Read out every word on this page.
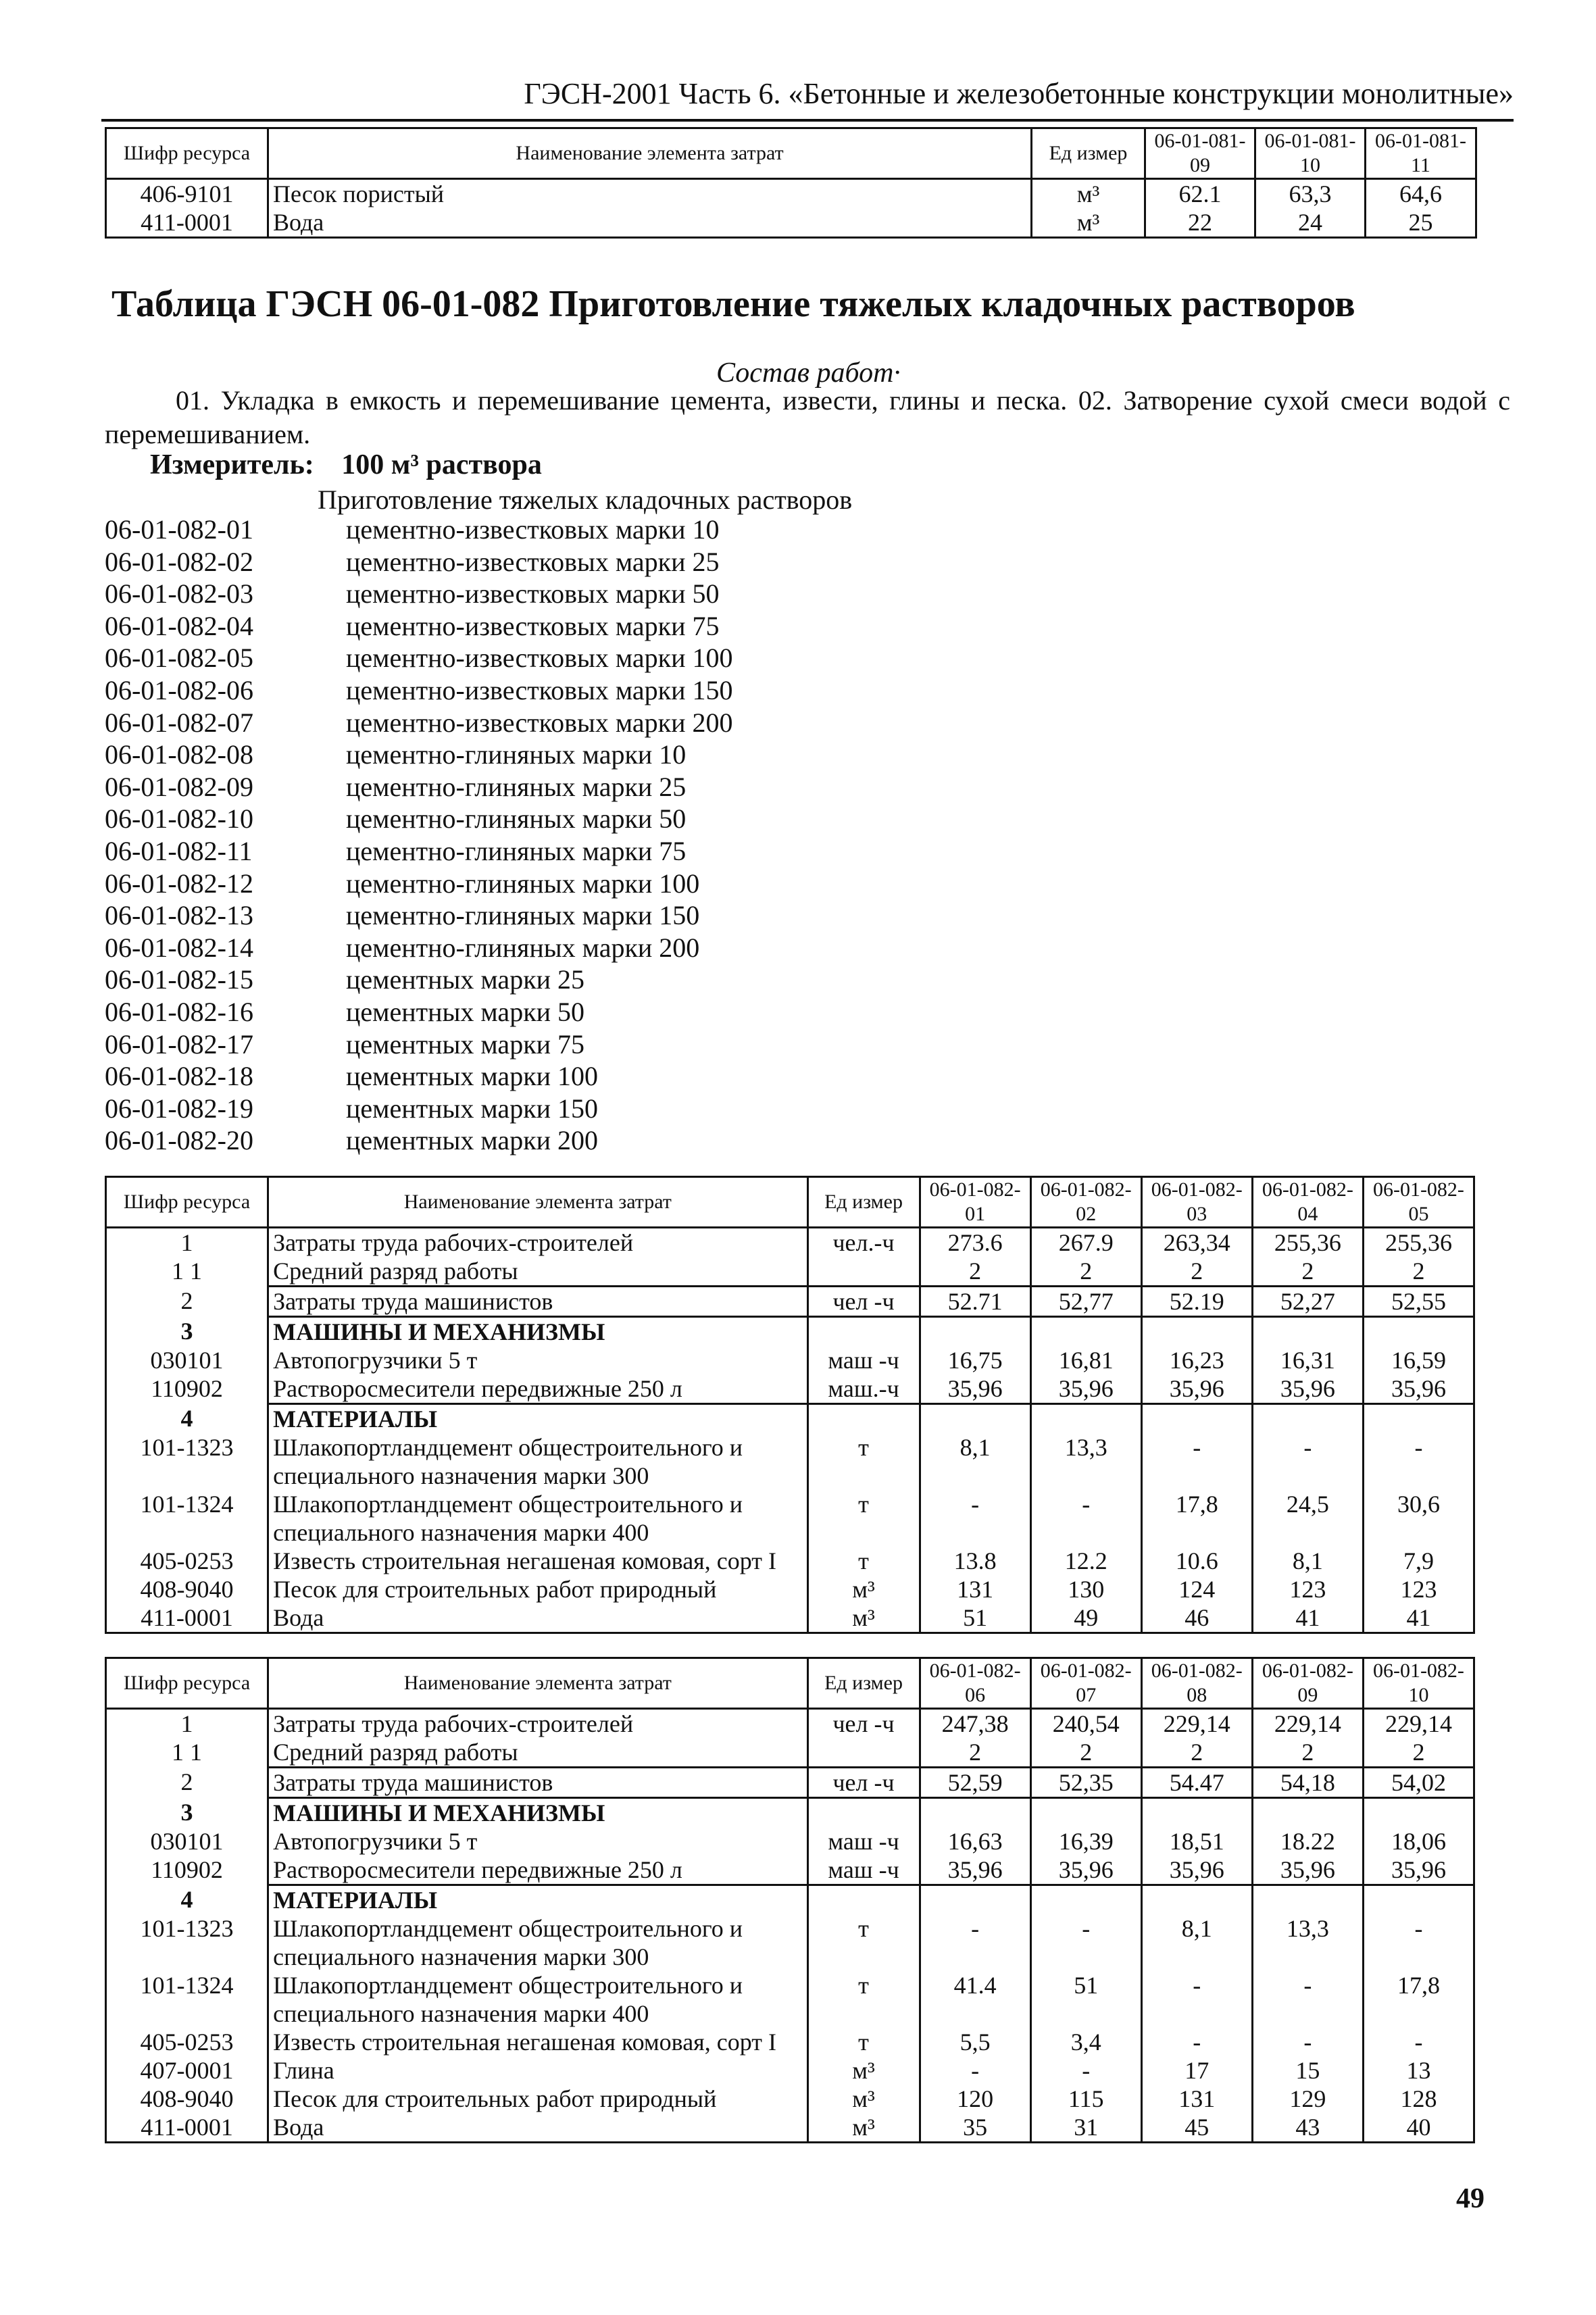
ГЭСН-2001 Часть 6. «Бетонные и железобетонные конструкции монолитные»
Шифр ресурса	Наименование элемента затрат	Ед измер	06-01-081-09	06-01-081-10	06-01-081-11
406-9101	Песок пористый	м³	62.1	63,3	64,6
411-0001	Вода	м³	22	24	25
Таблица ГЭСН 06-01-082 Приготовление тяжелых кладочных растворов
Состав работ·
01. Укладка в емкость и перемешивание цемента, извести, глины и песка. 02. Затворение сухой смеси водой с перемешиванием.
Измеритель: 100 м³ раствора
Приготовление тяжелых кладочных растворов
06-01-082-01	цементно-известковых марки 10
06-01-082-02	цементно-известковых марки 25
06-01-082-03	цементно-известковых марки 50
06-01-082-04	цементно-известковых марки 75
06-01-082-05	цементно-известковых марки 100
06-01-082-06	цементно-известковых марки 150
06-01-082-07	цементно-известковых марки 200
06-01-082-08	цементно-глиняных марки 10
06-01-082-09	цементно-глиняных марки 25
06-01-082-10	цементно-глиняных марки 50
06-01-082-11	цементно-глиняных марки 75
06-01-082-12	цементно-глиняных марки 100
06-01-082-13	цементно-глиняных марки 150
06-01-082-14	цементно-глиняных марки 200
06-01-082-15	цементных марки 25
06-01-082-16	цементных марки 50
06-01-082-17	цементных марки 75
06-01-082-18	цементных марки 100
06-01-082-19	цементных марки 150
06-01-082-20	цементных марки 200
Шифр ресурса	Наименование элемента затрат	Ед измер	06-01-082-01	06-01-082-02	06-01-082-03	06-01-082-04	06-01-082-05
1	Затраты труда рабочих-строителей	чел.-ч	273.6	267.9	263,34	255,36	255,36
1 1	Средний разряд работы		2	2	2	2	2
2	Затраты труда машинистов	чел -ч	52.71	52,77	52.19	52,27	52,55
3	МАШИНЫ И МЕХАНИЗМЫ						
030101	Автопогрузчики 5 т	маш -ч	16,75	16,81	16,23	16,31	16,59
110902	Растворосмесители передвижные 250 л	маш.-ч	35,96	35,96	35,96	35,96	35,96
4	МАТЕРИАЛЫ						
101-1323	Шлакопортландцемент общестроительного и специального назначения марки 300	т	8,1	13,3	-	-	-
101-1324	Шлакопортландцемент общестроительного и специального назначения марки 400	т	-	-	17,8	24,5	30,6
405-0253	Известь строительная негашеная комовая, сорт I	т	13.8	12.2	10.6	8,1	7,9
408-9040	Песок для строительных работ природный	м³	131	130	124	123	123
411-0001	Вода	м³	51	49	46	41	41
Шифр ресурса	Наименование элемента затрат	Ед измер	06-01-082-06	06-01-082-07	06-01-082-08	06-01-082-09	06-01-082-10
1	Затраты труда рабочих-строителей	чел -ч	247,38	240,54	229,14	229,14	229,14
1 1	Средний разряд работы		2	2	2	2	2
2	Затраты труда машинистов	чел -ч	52,59	52,35	54.47	54,18	54,02
3	МАШИНЫ И МЕХАНИЗМЫ						
030101	Автопогрузчики 5 т	маш -ч	16,63	16,39	18,51	18.22	18,06
110902	Растворосмесители передвижные 250 л	маш -ч	35,96	35,96	35,96	35,96	35,96
4	МАТЕРИАЛЫ						
101-1323	Шлакопортландцемент общестроительного и специального назначения марки 300	т	-	-	8,1	13,3	-
101-1324	Шлакопортландцемент общестроительного и специального назначения марки 400	т	41.4	51	-	-	17,8
405-0253	Известь строительная негашеная комовая, сорт I	т	5,5	3,4	-	-	-
407-0001	Глина	м³	-	-	17	15	13
408-9040	Песок для строительных работ природный	м³	120	115	131	129	128
411-0001	Вода	м³	35	31	45	43	40
49
